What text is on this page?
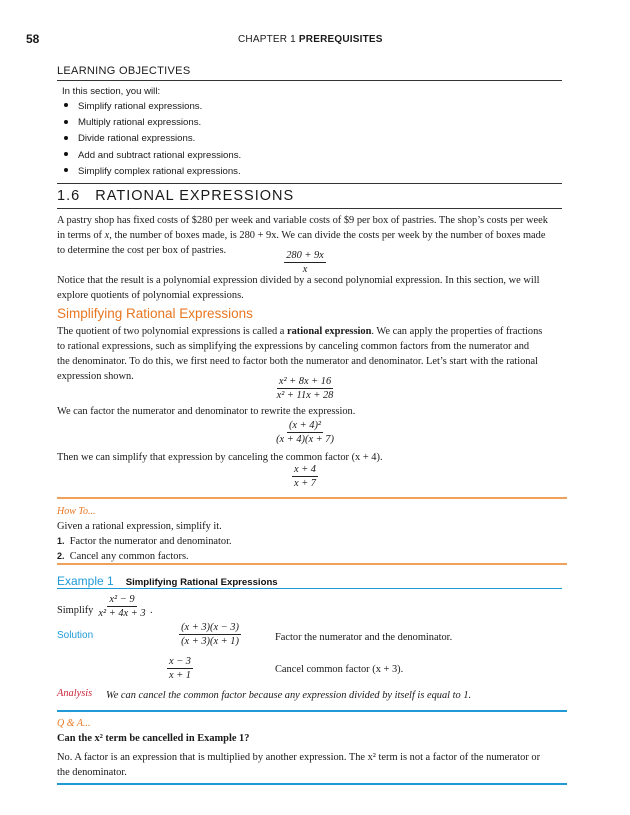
58	CHAPTER 1 PREREQUISITES
LEARNING OBJECTIVES
In this section, you will:
Simplify rational expressions.
Multiply rational expressions.
Divide rational expressions.
Add and subtract rational expressions.
Simplify complex rational expressions.
1.6 RATIONAL EXPRESSIONS

A pastry shop has fixed costs of $280 per week and variable costs of $9 per box of pastries. The shop’s costs per week

in terms of x, the number of boxes made, is 280 + 9x. We can divide the costs per week by the number of boxes made

to determine the cost per box of pastries.	$\frac{280 + 9x}{x}$

Notice that the result is a polynomial expression divided by a second polynomial expression. In this section, we will

explore quotients of polynomial expressions.

Simplifying Rational Expressions

The quotient of two polynomial expressions is called a rational expression. We can apply the properties of fractions

to rational expressions, such as simplifying the expressions by canceling common factors from the numerator and

the denominator. To do this, we first need to factor both the numerator and denominator. Let’s start with the rational

expression shown.	$\frac{\text{x² + 8x + 16}}{\text{x² + 11x + 28}}$

We can factor the numerator and denominator to rewrite the expression.

$\frac{\text{(x + 4)²}}{(x + 4)(x + 7)}$

Then we can simplify that expression by canceling the common factor (x + 4).

$\frac{x + 4}{x + 7}$
How To...

Given a rational expression, simplify it.

1. Factor the numerator and denominator.

2. Cancel any common factors.

Example 1 Simplifying Rational Expressions
Simplify
$\frac{\text{x² − 9}}{\text{x² + 4x + 3}}$
.
Solution	$\frac{(x + 3)(x - 3)}{(x + 3)(x + 1)}$ Factor the numerator and the denominator.
$\frac{x - 3}{x + 1}$	Cancel common factor (x + 3).
Analysis We can cancel the common factor because any expression divided by itself is equal to 1.
Q & A...
Can the x² term be cancelled in Example 1?

No. A factor is an expression that is multiplied by another expression. The x² term is not a factor of the numerator or

the denominator.
